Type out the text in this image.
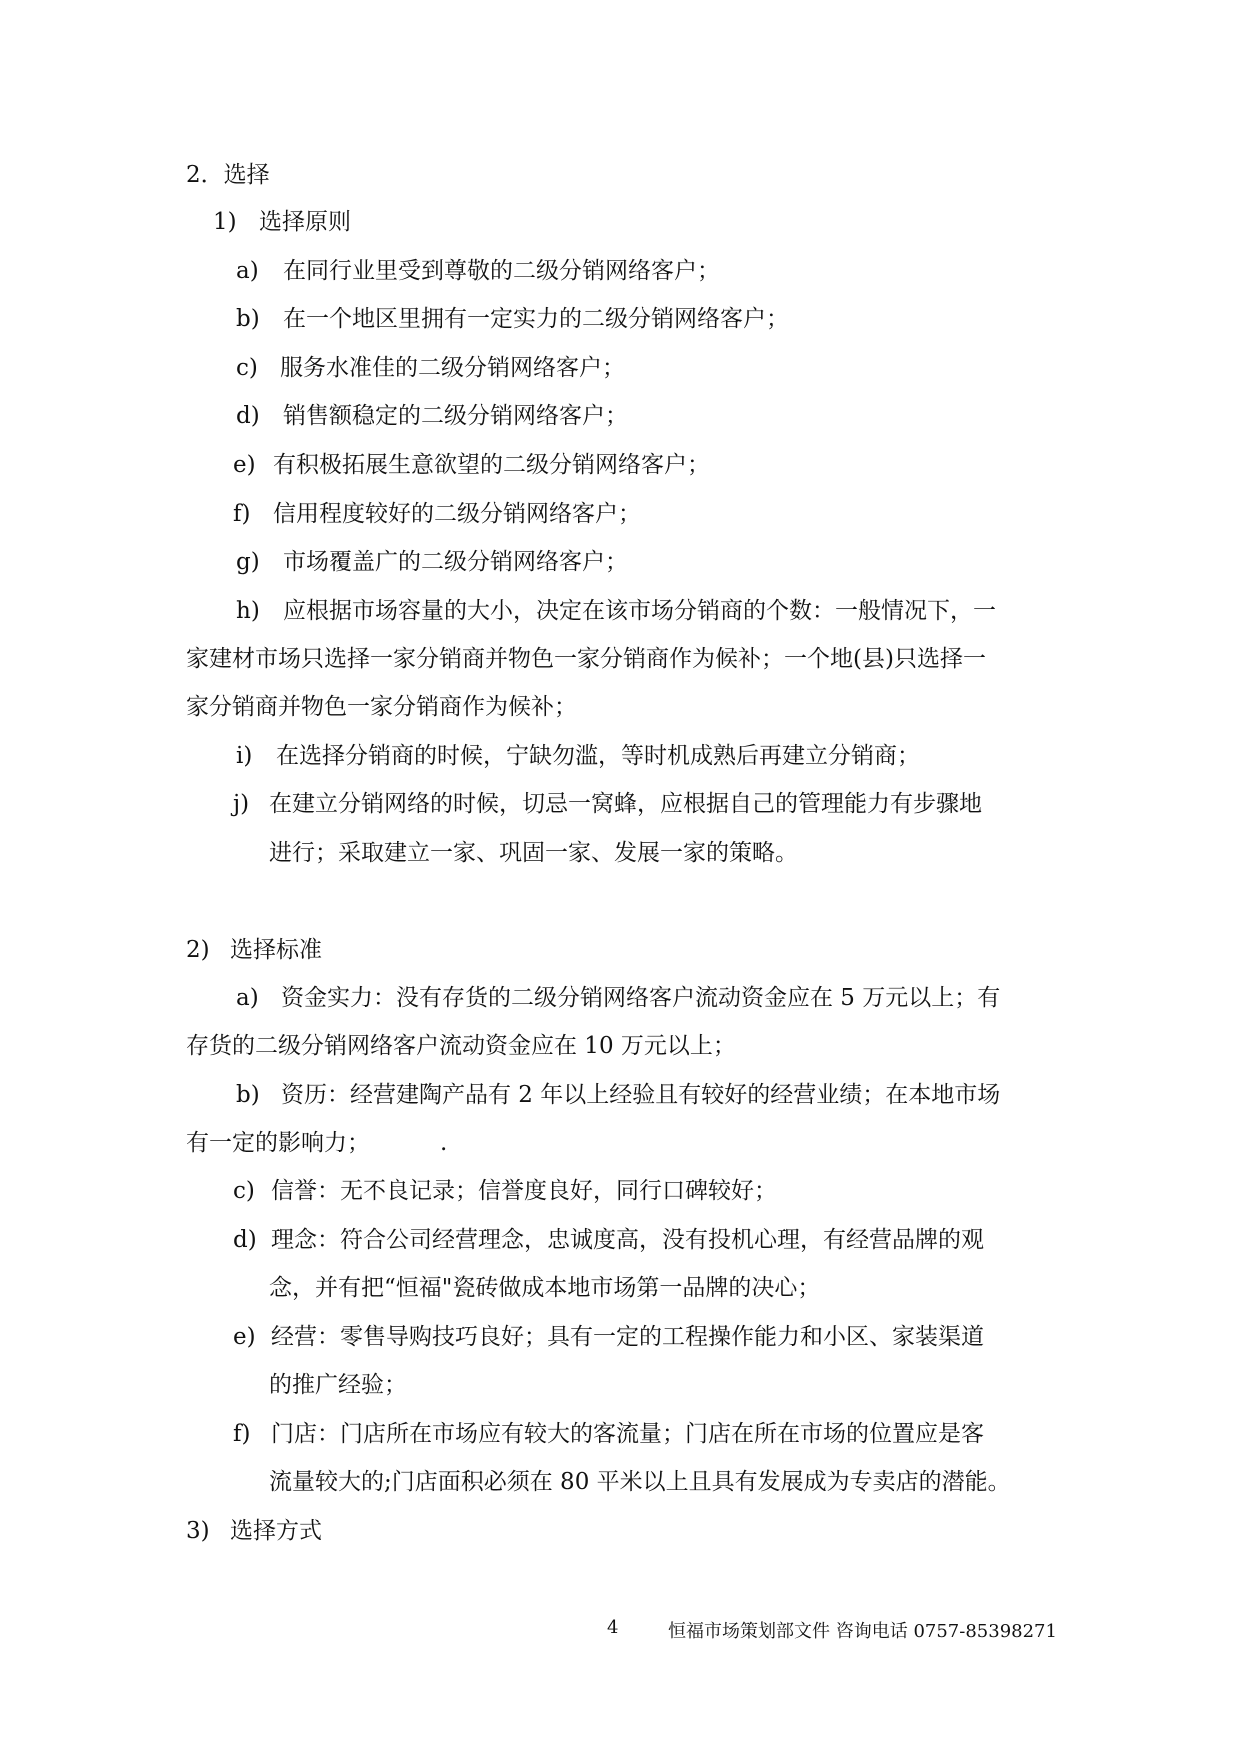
2．选择
1) 选择原则
a) 在同行业里受到尊敬的二级分销网络客户；
b) 在一个地区里拥有一定实力的二级分销网络客户；
c) 服务水准佳的二级分销网络客户；
d) 销售额稳定的二级分销网络客户；
e) 有积极拓展生意欲望的二级分销网络客户；
f) 信用程度较好的二级分销网络客户；
g) 市场覆盖广的二级分销网络客户；
h) 应根据市场容量的大小，决定在该市场分销商的个数：一般情况下，一
家建材市场只选择一家分销商并物色一家分销商作为候补；一个地(县)只选择一
家分销商并物色一家分销商作为候补；
i) 在选择分销商的时候，宁缺勿滥，等时机成熟后再建立分销商；
j) 在建立分销网络的时候，切忌一窝蜂，应根据自己的管理能力有步骤地
进行；采取建立一家、巩固一家、发展一家的策略。
2) 选择标准
a) 资金实力：没有存货的二级分销网络客户流动资金应在 5 万元以上；有
存货的二级分销网络客户流动资金应在 10 万元以上；
b) 资历：经营建陶产品有 2 年以上经验且有较好的经营业绩；在本地市场
有一定的影响力；	.
c) 信誉：无不良记录；信誉度良好，同行口碑较好；
d) 理念：符合公司经营理念，忠诚度高，没有投机心理，有经营品牌的观
念，并有把“恒福"瓷砖做成本地市场第一品牌的决心；
e) 经营：零售导购技巧良好；具有一定的工程操作能力和小区、家装渠道
的推广经验；
f) 门店：门店所在市场应有较大的客流量；门店在所在市场的位置应是客
流量较大的;门店面积必须在 80 平米以上且具有发展成为专卖店的潜能。
3) 选择方式
4	恒福市场策划部文件 咨询电话 0757-85398271
